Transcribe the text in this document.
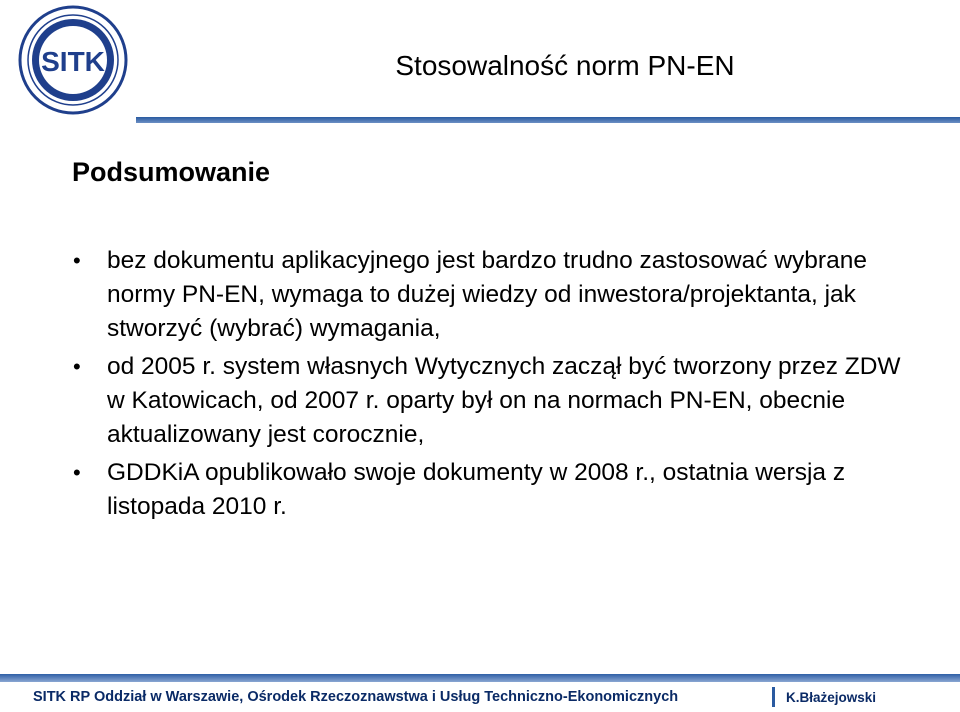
SITK	Stosowalność norm PN-EN
Podsumowanie
• bez dokumentu aplikacyjnego jest bardzo trudno zastosować wybrane normy PN-EN, wymaga to dużej wiedzy od inwestora/projektanta, jak stworzyć (wybrać) wymagania,
• od 2005 r. system własnych Wytycznych zaczął być tworzony przez ZDW w Katowicach, od 2007 r. oparty był on na normach PN-EN, obecnie aktualizowany jest corocznie,
• GDDKiA opublikowało swoje dokumenty w 2008 r., ostatnia wersja z listopada 2010 r.
SITK RP Oddział w Warszawie, Ośrodek Rzeczoznawstwa i Usług Techniczno-Ekonomicznych	K.Błażejowski
